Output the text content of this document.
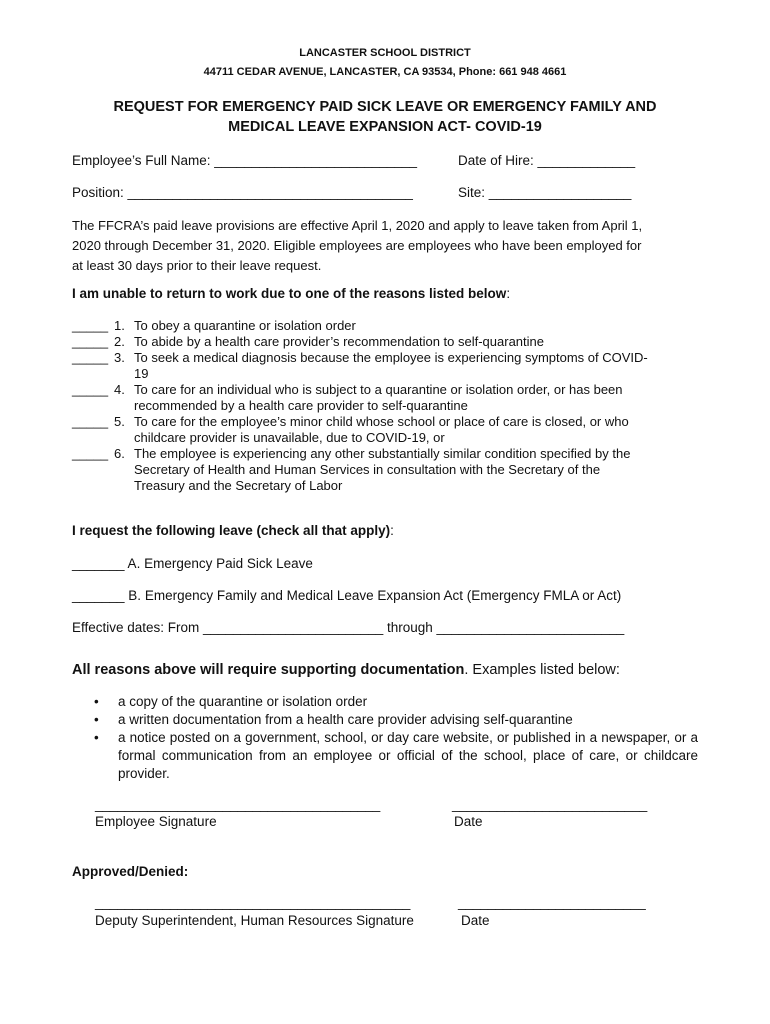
LANCASTER SCHOOL DISTRICT
44711 CEDAR AVENUE, LANCASTER, CA 93534, Phone: 661 948 4661
REQUEST FOR EMERGENCY PAID SICK LEAVE OR EMERGENCY FAMILY AND
MEDICAL LEAVE EXPANSION ACT- COVID-19
Employee’s Full Name: ___________________________	Date of Hire: _____________
Position: ______________________________________	Site: ___________________
The FFCRA’s paid leave provisions are effective April 1, 2020 and apply to leave taken from April 1,
2020 through December 31, 2020. Eligible employees are employees who have been employed for
at least 30 days prior to their leave request.
I am unable to return to work due to one of the reasons listed below:
_____ 1. To obey a quarantine or isolation order
_____ 2. To abide by a health care provider’s recommendation to self-quarantine
_____ 3. To seek a medical diagnosis because the employee is experiencing symptoms of COVID-19
_____ 4. To care for an individual who is subject to a quarantine or isolation order, or has been recommended by a health care provider to self-quarantine
_____ 5. To care for the employee’s minor child whose school or place of care is closed, or who childcare provider is unavailable, due to COVID-19, or
_____ 6. The employee is experiencing any other substantially similar condition specified by the Secretary of Health and Human Services in consultation with the Secretary of the Treasury and the Secretary of Labor
I request the following leave (check all that apply):
_______ A. Emergency Paid Sick Leave
_______ B. Emergency Family and Medical Leave Expansion Act (Emergency FMLA or Act)
Effective dates: From ________________________ through _________________________
All reasons above will require supporting documentation. Examples listed below:
• a copy of the quarantine or isolation order
• a written documentation from a health care provider advising self-quarantine
• a notice posted on a government, school, or day care website, or published in a newspaper, or a formal communication from an employee or official of the school, place of care, or childcare provider.
______________________________________
Employee Signature
__________________________
Date
Approved/Denied:
__________________________________________
Deputy Superintendent, Human Resources Signature
_________________________
Date
